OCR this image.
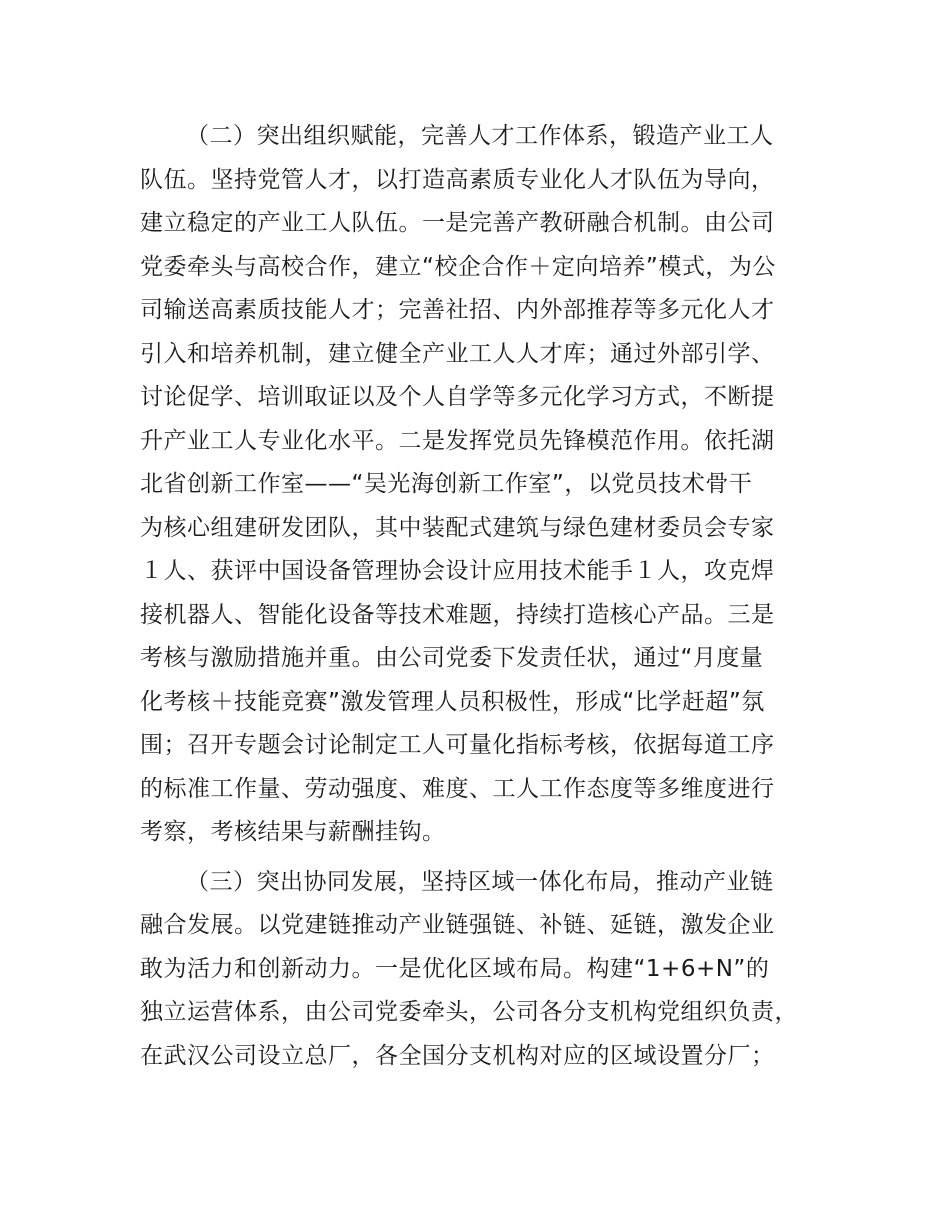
（二）突出组织赋能，完善人才工作体系，锻造产业工人
队伍。坚持党管人才，以打造高素质专业化人才队伍为导向，
建立稳定的产业工人队伍。一是完善产教研融合机制。由公司
党委牵头与高校合作，建立“校企合作＋定向培养”模式，为公
司输送高素质技能人才；完善社招、内外部推荐等多元化人才
引入和培养机制，建立健全产业工人人才库；通过外部引学、
讨论促学、培训取证以及个人自学等多元化学习方式，不断提
升产业工人专业化水平。二是发挥党员先锋模范作用。依托湖
北省创新工作室——“吴光海创新工作室”，以党员技术骨干
为核心组建研发团队，其中装配式建筑与绿色建材委员会专家
１人、获评中国设备管理协会设计应用技术能手１人，攻克焊
接机器人、智能化设备等技术难题，持续打造核心产品。三是
考核与激励措施并重。由公司党委下发责任状，通过“月度量
化考核＋技能竞赛”激发管理人员积极性，形成“比学赶超”氛
围；召开专题会讨论制定工人可量化指标考核，依据每道工序
的标准工作量、劳动强度、难度、工人工作态度等多维度进行
考察，考核结果与薪酬挂钩。

（三）突出协同发展，坚持区域一体化布局，推动产业链
融合发展。以党建链推动产业链强链、补链、延链，激发企业
敢为活力和创新动力。一是优化区域布局。构建“1+6+N”的
独立运营体系，由公司党委牵头，公司各分支机构党组织负责，
在武汉公司设立总厂，各全国分支机构对应的区域设置分厂；
